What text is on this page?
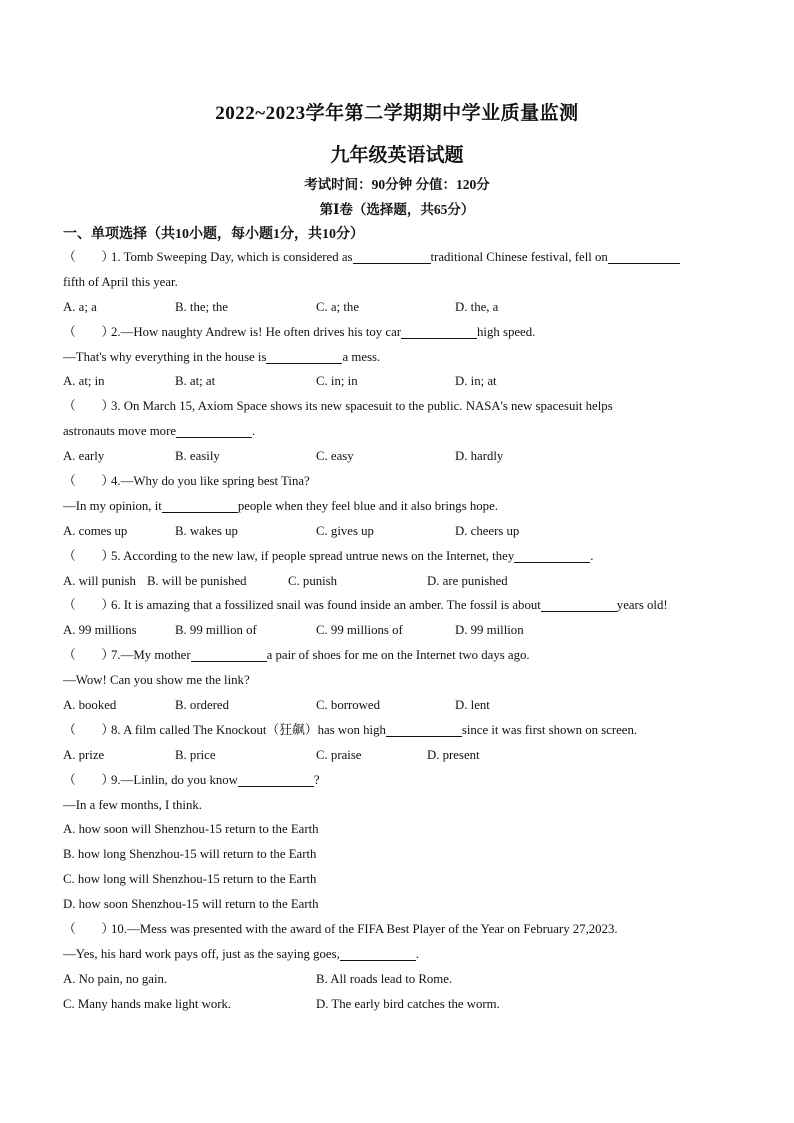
2022~2023学年第二学期期中学业质量监测
九年级英语试题
考试时间：90分钟 分值：120分
第Ⅰ卷（选择题，共65分）
一、单项选择（共10小题，每小题1分，共10分）
（　　）1. Tomb Sweeping Day, which is considered as	traditional Chinese festival, fell on
fifth of April this year.
A. a; a	B. the; the	C. a; the	D. the, a
（　　）2.—How naughty Andrew is! He often drives his toy car	high speed.
—That's why everything in the house is	a mess.
A. at; in	B. at; at	C. in; in	D. in; at
（　　）3. On March 15, Axiom Space shows its new spacesuit to the public. NASA's new spacesuit helps
astronauts move more	.
A. early	B. easily	C. easy	D. hardly
（　　）4.—Why do you like spring best Tina?
—In my opinion, it	people when they feel blue and it also brings hope.
A. comes up	B. wakes up	C. gives up	D. cheers up
（　　）5. According to the new law, if people spread untrue news on the Internet, they	.
A. will punish B. will be punished	C. punish	D. are punished
（　　）6. It is amazing that a fossilized snail was found inside an amber. The fossil is about	years old!
A. 99 millions	B. 99 million of	C. 99 millions of	D. 99 million
（　　）7.—My mother	a pair of shoes for me on the Internet two days ago.
—Wow! Can you show me the link?
A. booked	B. ordered	C. borrowed	D. lent
（　　）8. A film called The Knockout（狂飙）has won high	since it was first shown on screen.
A. prize	B. price	C. praise	D. present
（　　）9.—Linlin, do you know	?
—In a few months, I think.
A. how soon will Shenzhou-15 return to the Earth
B. how long Shenzhou-15 will return to the Earth
C. how long will Shenzhou-15 return to the Earth
D. how soon Shenzhou-15 will return to the Earth
（　　）10.—Mess was presented with the award of the FIFA Best Player of the Year on February 27,2023.
—Yes, his hard work pays off, just as the saying goes,	.
A. No pain, no gain.	B. All roads lead to Rome.
C. Many hands make light work.	D. The early bird catches the worm.
